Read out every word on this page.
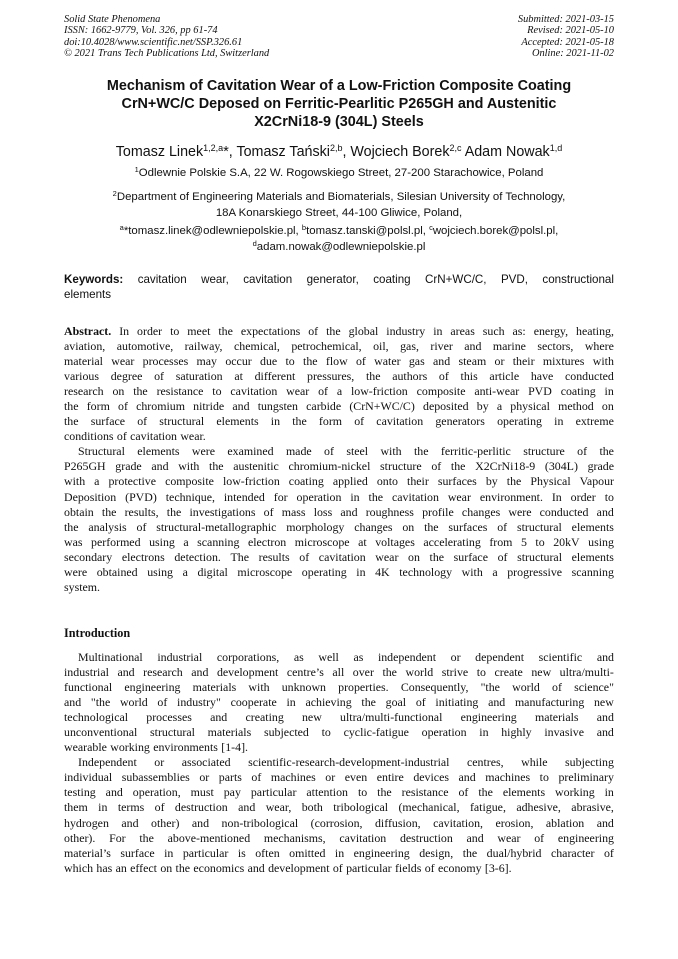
Solid State Phenomena
ISSN: 1662-9779, Vol. 326, pp 61-74
doi:10.4028/www.scientific.net/SSP.326.61
© 2021 Trans Tech Publications Ltd, Switzerland
Submitted: 2021-03-15
Revised: 2021-05-10
Accepted: 2021-05-18
Online: 2021-11-02
Mechanism of Cavitation Wear of a Low-Friction Composite Coating
CrN+WC/C Deposed on Ferritic-Pearlitic P265GH and Austenitic
X2CrNi18-9 (304L) Steels
Tomasz Linek$^{1,2,a}$*, Tomasz Tański$^{2,b}$, Wojciech Borek$^{2,c}$ Adam Nowak$^{1,d}$
$^1$Odlewnie Polskie S.A, 22 W. Rogowskiego Street, 27-200 Starachowice, Poland
$^2$Department of Engineering Materials and Biomaterials, Silesian University of Technology,
18A Konarskiego Street, 44-100 Gliwice, Poland,
$^a$*tomasz.linek@odlewniepolskie.pl, $^b$tomasz.tanski@polsl.pl, $^c$wojciech.borek@polsl.pl,
$^d$adam.nowak@odlewniepolskie.pl
Keywords: cavitation wear, cavitation generator, coating CrN+WC/C, PVD, constructional
elements
Abstract. In order to meet the expectations of the global industry in areas such as: energy, heating,
aviation, automotive, railway, chemical, petrochemical, oil, gas, river and marine sectors, where
material wear processes may occur due to the flow of water gas and steam or their mixtures with
various degree of saturation at different pressures, the authors of this article have conducted
research on the resistance to cavitation wear of a low-friction composite anti-wear PVD coating in
the form of chromium nitride and tungsten carbide (CrN+WC/C) deposited by a physical method on
the surface of structural elements in the form of cavitation generators operating in extreme
conditions of cavitation wear.
Structural elements were examined made of steel with the ferritic-perlitic structure of the
P265GH grade and with the austenitic chromium-nickel structure of the X2CrNi18-9 (304L) grade
with a protective composite low-friction coating applied onto their surfaces by the Physical Vapour
Deposition (PVD) technique, intended for operation in the cavitation wear environment. In order to
obtain the results, the investigations of mass loss and roughness profile changes were conducted and
the analysis of structural-metallographic morphology changes on the surfaces of structural elements
was performed using a scanning electron microscope at voltages accelerating from 5 to 20kV using
secondary electrons detection. The results of cavitation wear on the surface of structural elements
were obtained using a digital microscope operating in 4K technology with a progressive scanning
system.
Introduction
Multinational industrial corporations, as well as independent or dependent scientific and
industrial and research and development centre’s all over the world strive to create new ultra/multi-
functional engineering materials with unknown properties. Consequently, "the world of science"
and "the world of industry" cooperate in achieving the goal of initiating and manufacturing new
technological processes and creating new ultra/multi-functional engineering materials and
unconventional structural materials subjected to cyclic-fatigue operation in highly invasive and
wearable working environments [1-4].
Independent or associated scientific-research-development-industrial centres, while subjecting
individual subassemblies or parts of machines or even entire devices and machines to preliminary
testing and operation, must pay particular attention to the resistance of the elements working in
them in terms of destruction and wear, both tribological (mechanical, fatigue, adhesive, abrasive,
hydrogen and other) and non-tribological (corrosion, diffusion, cavitation, erosion, ablation and
other). For the above-mentioned mechanisms, cavitation destruction and wear of engineering
material’s surface in particular is often omitted in engineering design, the dual/hybrid character of
which has an effect on the economics and development of particular fields of economy [3-6].
